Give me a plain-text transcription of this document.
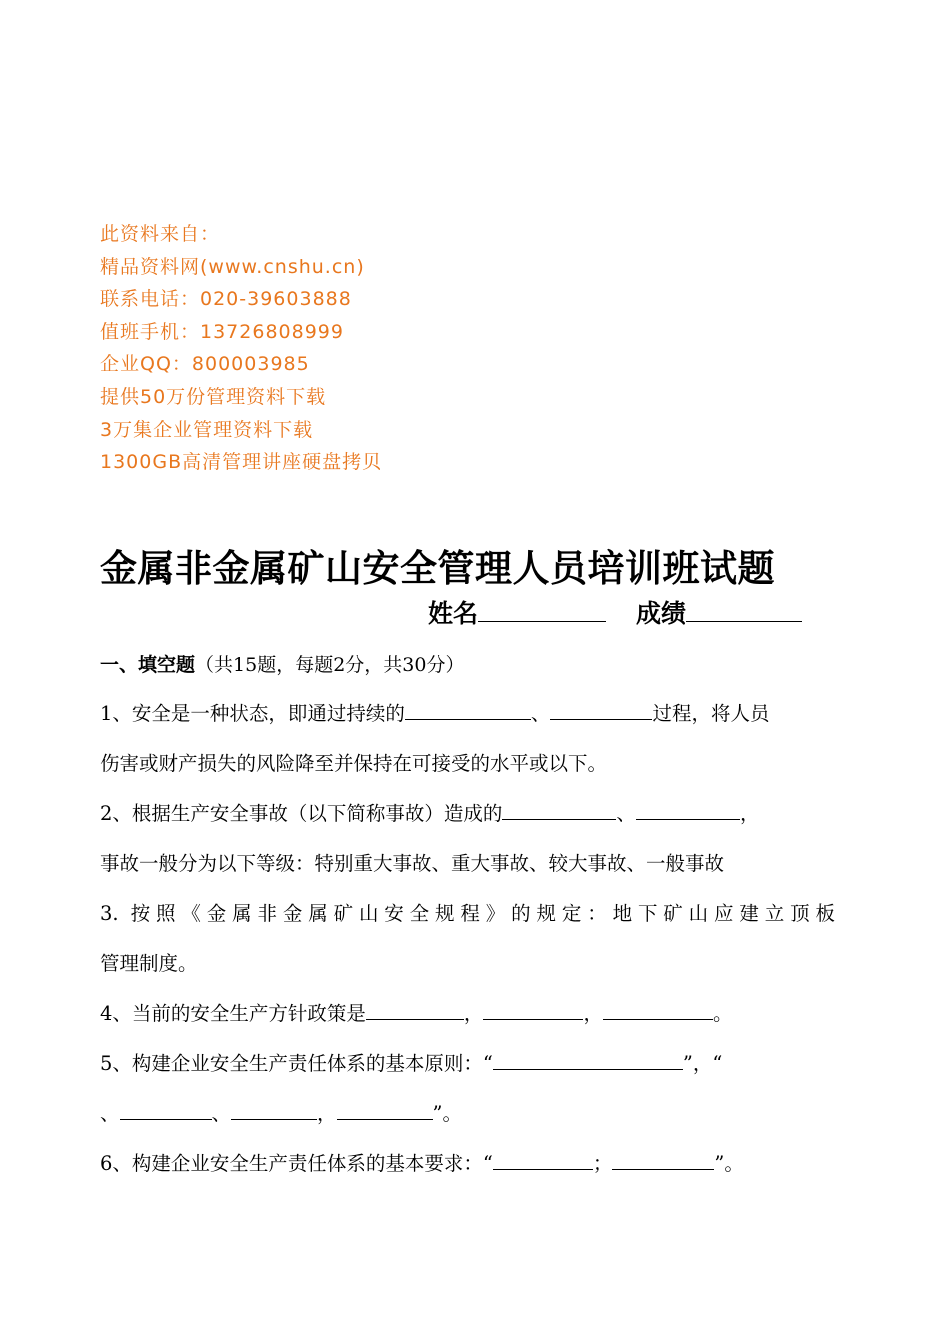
此资料来自：
精品资料网(www.cnshu.cn)
联系电话：020-39603888
值班手机：13726808999
企业QQ：800003985
提供50万份管理资料下载
3万集企业管理资料下载
1300GB高清管理讲座硬盘拷贝
金属非金属矿山安全管理人员培训班试题
姓名	成绩
一、填空题（共15题，每题2分，共30分）
1、安全是一种状态，即通过持续的	、	过程，将人员
伤害或财产损失的风险降至并保持在可接受的水平或以下。
2、根据生产安全事故（以下简称事故）造成的	、	，
事故一般分为以下等级：特别重大事故、重大事故、较大事故、一般事故
3. 按照《金属非金属矿山安全规程》的规定：地下矿山应建立顶板
管理制度。
4、当前的安全生产方针政策是	，	，	。
5、构建企业安全生产责任体系的基本原则：“	”，“
、	、	，	”。
6、构建企业安全生产责任体系的基本要求：“	；	”。
